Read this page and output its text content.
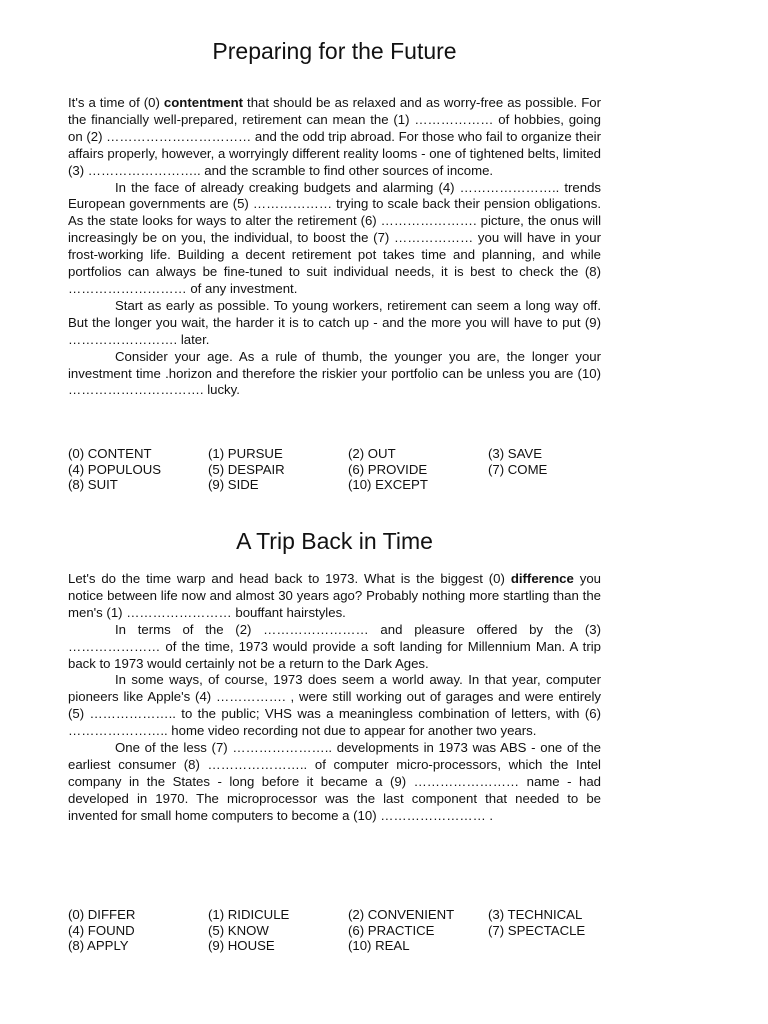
Preparing for the Future

It's a time of (0) contentment that should be as relaxed and as worry-free as possible. For the financially well-prepared, retirement can mean the (1) ……………… of hobbies, going on (2) …………………………… and the odd trip abroad. For those who fail to organize their affairs properly, however, a worryingly different reality looms - one of tightened belts, limited (3) …………………….. and the scramble to find other sources of income.

In the face of already creaking budgets and alarming (4) ………………….. trends European governments are (5) ……………… trying to scale back their pension obligations. As the state looks for ways to alter the retirement (6) …………………. picture, the onus will increasingly be on you, the individual, to boost the (7) ……………… you will have in your frost-working life. Building a decent retirement pot takes time and planning, and while portfolios can always be fine-tuned to suit individual needs, it is best to check the (8) ……………………… of any investment.

Start as early as possible. To young workers, retirement can seem a long way off. But the longer you wait, the harder it is to catch up - and the more you will have to put (9) ……………………. later.

Consider your age. As a rule of thumb, the younger you are, the longer your investment time .horizon and therefore the riskier your portfolio can be unless you are (10) …………………………. lucky.

(0) CONTENT	(1) PURSUE	(2) OUT	(3) SAVE
(4) POPULOUS	(5) DESPAIR	(6) PROVIDE	(7) COME
(8) SUIT	(9) SIDE	(10) EXCEPT
A Trip Back in Time

Let's do the time warp and head back to 1973. What is the biggest (0) difference you notice between life now and almost 30 years ago? Probably nothing more startling than the men's (1) …………………… bouffant hairstyles.

In terms of the (2) …………………… and pleasure offered by the (3) ………………… of the time, 1973 would provide a soft landing for Millennium Man. A trip back to 1973 would certainly not be a return to the Dark Ages.

In some ways, of course, 1973 does seem a world away. In that year, computer pioneers like Apple's (4) ……………. , were still working out of garages and were entirely (5) ……………….. to the public; VHS was a meaningless combination of letters, with (6) ………………….. home video recording not due to appear for another two years.

One of the less (7) ………………….. developments in 1973 was ABS - one of the earliest consumer (8) ………………….. of computer micro-processors, which the Intel company in the States - long before it became a (9) …………………… name - had developed in 1970. The microprocessor was the last component that needed to be invented for small home computers to become a (10) …………………… .

(0) DIFFER	(1) RIDICULE	(2) CONVENIENT	(3) TECHNICAL
(4) FOUND	(5) KNOW	(6) PRACTICE	(7) SPECTACLE
(8) APPLY	(9) HOUSE	(10) REAL
